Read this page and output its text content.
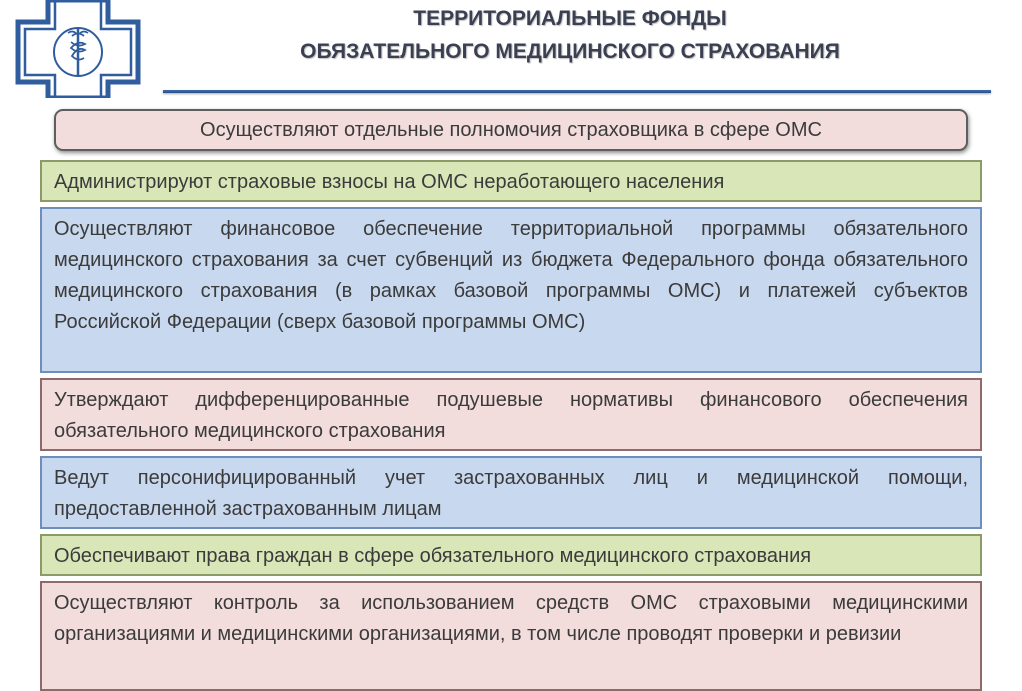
ТЕРРИТОРИАЛЬНЫЕ ФОНДЫ
ОБЯЗАТЕЛЬНОГО МЕДИЦИНСКОГО СТРАХОВАНИЯ
Осуществляют отдельные полномочия страховщика в сфере ОМС
Администрируют страховые взносы на ОМС неработающего населения
Осуществляют финансовое обеспечение территориальной программы обязательного медицинского страхования за счет субвенций из бюджета Федерального фонда обязательного медицинского страхования (в рамках базовой программы ОМС) и платежей субъектов Российской Федерации (сверх базовой программы ОМС)
Утверждают дифференцированные подушевые нормативы финансового обеспечения обязательного медицинского страхования
Ведут персонифицированный учет застрахованных лиц и медицинской помощи, предоставленной застрахованным лицам
Обеспечивают права граждан в сфере обязательного медицинского страхования
Осуществляют контроль за использованием средств ОМС страховыми медицинскими организациями и медицинскими организациями, в том числе проводят проверки и ревизии
